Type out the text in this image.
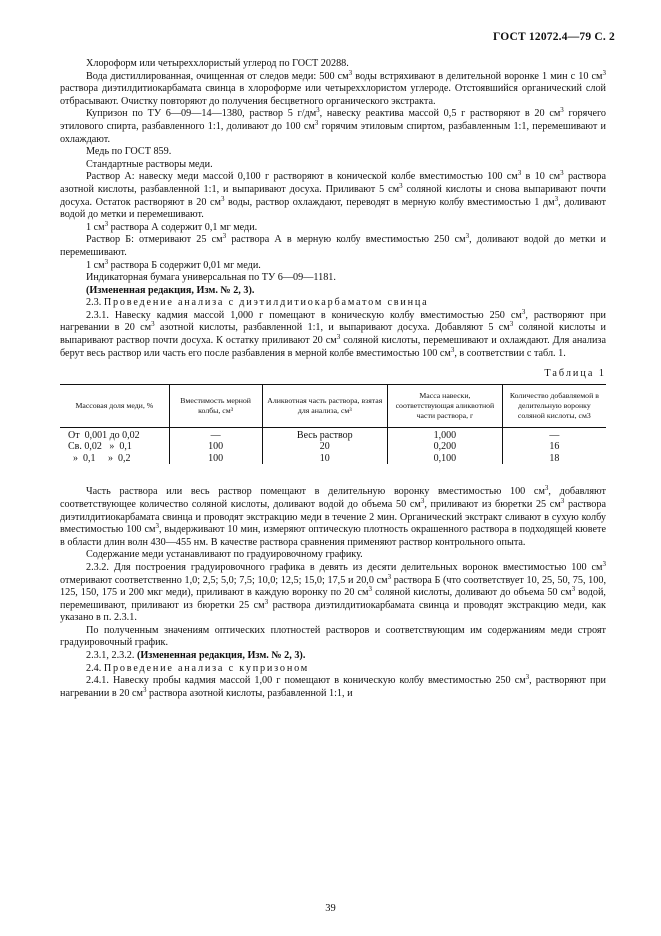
ГОСТ 12072.4—79 С. 2

Хлороформ или четыреххлористый углерод по ГОСТ 20288.

Вода дистиллированная, очищенная от следов меди: 500 $см^3$ воды встряхивают в делительной воронке 1 мин с 10 $см^3$ раствора диэтилдитиокарбамата свинца в хлороформе или четыреххлористом углероде. Отстоявшийся органический слой отбрасывают. Очистку повторяют до получения бесцветного органического экстракта.

Купризон по ТУ 6—09—14—1380, раствор 5 $г/дм^3$, навеску реактива массой 0,5 г растворяют в 20 $см^3$ горячего этилового спирта, разбавленного 1:1, доливают до 100 $см^3$ горячим этиловым спиртом, разбавленным 1:1, перемешивают и охлаждают.

Медь по ГОСТ 859.

Стандартные растворы меди.

Раствор А: навеску меди массой 0,100 г растворяют в конической колбе вместимостью 100 $см^3$ в 10 $см^3$ раствора азотной кислоты, разбавленной 1:1, и выпаривают досуха. Приливают 5 $см^3$ соляной кислоты и снова выпаривают почти досуха. Остаток растворяют в 20 $см^3$ воды, раствор охлаждают, переводят в мерную колбу вместимостью 1 $дм^3$, доливают водой до метки и перемешивают.

1 $см^3$ раствора А содержит 0,1 мг меди.

Раствор Б: отмеривают 25 $см^3$ раствора А в мерную колбу вместимостью 250 $см^3$, доливают водой до метки и перемешивают.

1 $см^3$ раствора Б содержит 0,01 мг меди.

Индикаторная бумага универсальная по ТУ 6—09—1181.

(Измененная редакция, Изм. № 2, 3).

2.3. Проведение анализа с диэтилдитиокарбаматом свинца

2.3.1. Навеску кадмия массой 1,000 г помещают в коническую колбу вместимостью 250 $см^3$, растворяют при нагревании в 20 $см^3$ азотной кислоты, разбавленной 1:1, и выпаривают досуха. Добавляют 5 $см^3$ соляной кислоты и выпаривают раствор почти досуха. К остатку приливают 20 $см^3$ соляной кислоты, перемешивают и охлаждают. Для анализа берут весь раствор или часть его после разбавления в мерной колбе вместимостью 100 $см^3$, в соответствии с табл. 1.

Таблица 1
Массовая доля меди, %	Вместимость мерной колбы, см³	Аликвотная часть раствора, взятая для анализа, см³	Масса навески, соответствующая аликвотной части раствора, г	Количество добавляемой в делительную воронку соляной кислоты, см3
От  0,001 до 0,02	—	Весь раствор	1,000	—
Св. 0,02   »  0,1	100	20	0,200	16
»  0,1     »  0,2	100	10	0,100	18

Часть раствора или весь раствор помещают в делительную воронку вместимостью 100 $см^3$, добавляют соответствующее количество соляной кислоты, доливают водой до объема 50 $см^3$, приливают из бюретки 25 $см^3$ раствора диэтилдитиокарбамата свинца и проводят экстракцию меди в течение 2 мин. Органический экстракт сливают в сухую колбу вместимостью 100 $см^3$, выдерживают 10 мин, измеряют оптическую плотность окрашенного раствора в подходящей кювете в области длин волн 430—455 нм. В качестве раствора сравнения применяют раствор контрольного опыта.

Содержание меди устанавливают по градуировочному графику.

2.3.2. Для построения градуировочного графика в девять из десяти делительных воронок вместимостью 100 $см^3$ отмеривают соответственно 1,0; 2,5; 5,0; 7,5; 10,0; 12,5; 15,0; 17,5 и 20,0 $см^3$ раствора Б (что соответствует 10, 25, 50, 75, 100, 125, 150, 175 и 200 мкг меди), приливают в каждую воронку по 20 $см^3$ соляной кислоты, доливают до объема 50 $см^3$ водой, перемешивают, приливают из бюретки 25 $см^3$ раствора диэтилдитиокарбамата свинца и проводят экстракцию меди, как указано в п. 2.3.1.

По полученным значениям оптических плотностей растворов и соответствующим им содержаниям меди строят градуировочный график.

2.3.1, 2.3.2. (Измененная редакция, Изм. № 2, 3).

2.4. Проведение анализа с купризоном

2.4.1. Навеску пробы кадмия массой 1,00 г помещают в коническую колбу вместимостью 250 $см^3$, растворяют при нагревании в 20 $см^3$ раствора азотной кислоты, разбавленной 1:1, и

39
